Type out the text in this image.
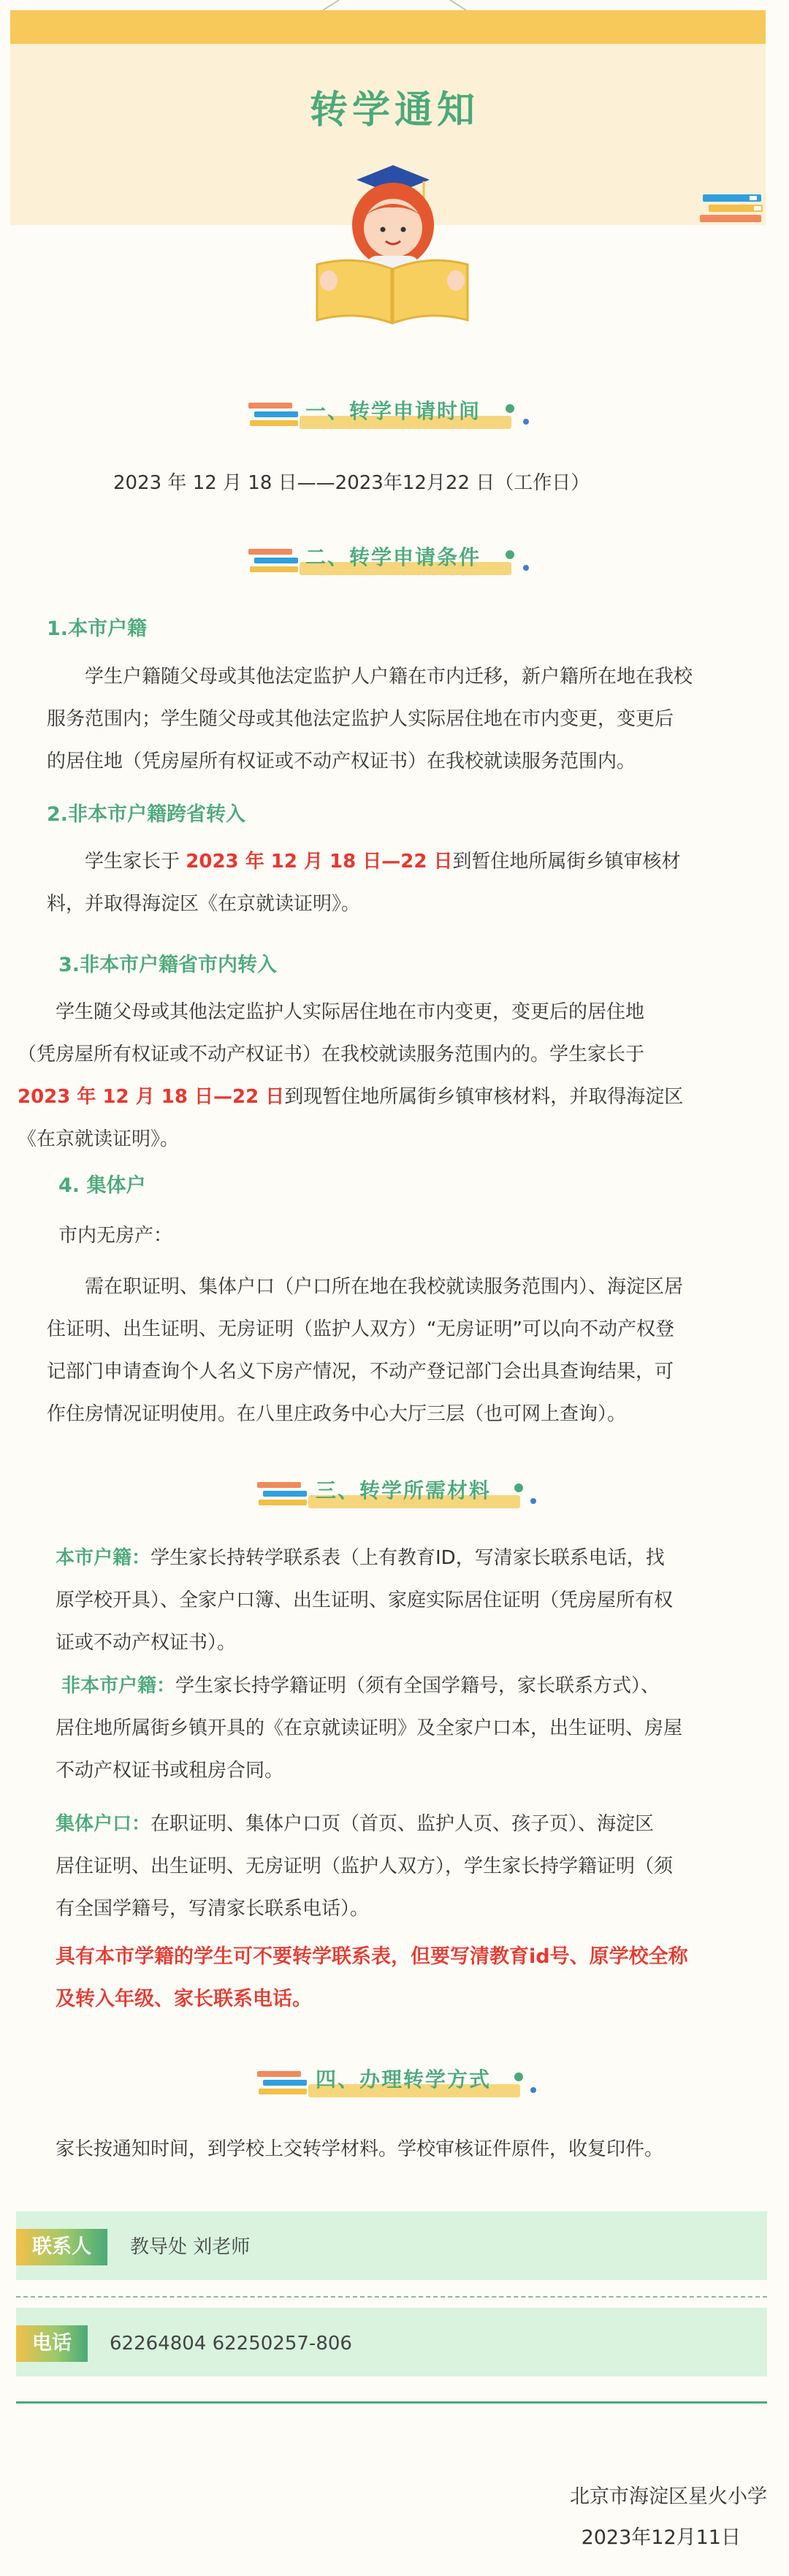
转学通知
一、转学申请时间
2023 年 12 月 18 日——2023年12月22 日（工作日）
二、转学申请条件
1.本市户籍
学生户籍随父母或其他法定监护人户籍在市内迁移，新户籍所在地在我校
服务范围内；学生随父母或其他法定监护人实际居住地在市内变更，变更后
的居住地（凭房屋所有权证或不动产权证书）在我校就读服务范围内。
2.非本市户籍跨省转入
学生家长于 2023 年 12 月 18 日—22 日到暂住地所属街乡镇审核材
料，并取得海淀区《在京就读证明》。
3.非本市户籍省市内转入
学生随父母或其他法定监护人实际居住地在市内变更，变更后的居住地
（凭房屋所有权证或不动产权证书）在我校就读服务范围内的。学生家长于
2023 年 12 月 18 日—22 日到现暂住地所属街乡镇审核材料，并取得海淀区
《在京就读证明》。
4. 集体户
市内无房产：
需在职证明、集体户口（户口所在地在我校就读服务范围内）、海淀区居
住证明、出生证明、无房证明（监护人双方）“无房证明”可以向不动产权登
记部门申请查询个人名义下房产情况，不动产登记部门会出具查询结果，可
作住房情况证明使用。在八里庄政务中心大厅三层（也可网上查询）。
三、转学所需材料
本市户籍：学生家长持转学联系表（上有教育ID，写清家长联系电话，找
原学校开具）、全家户口簿、出生证明、家庭实际居住证明（凭房屋所有权
证或不动产权证书）。
非本市户籍：学生家长持学籍证明（须有全国学籍号，家长联系方式）、
居住地所属街乡镇开具的《在京就读证明》及全家户口本，出生证明、房屋
不动产权证书或租房合同。
集体户口：在职证明、集体户口页（首页、监护人页、孩子页）、海淀区
居住证明、出生证明、无房证明（监护人双方），学生家长持学籍证明（须
有全国学籍号，写清家长联系电话）。
具有本市学籍的学生可不要转学联系表，但要写清教育id号、原学校全称
及转入年级、家长联系电话。
四、办理转学方式
家长按通知时间，到学校上交转学材料。学校审核证件原件，收复印件。
联系人	教导处 刘老师
电话	62264804 62250257-806
北京市海淀区星火小学
2023年12月11日
